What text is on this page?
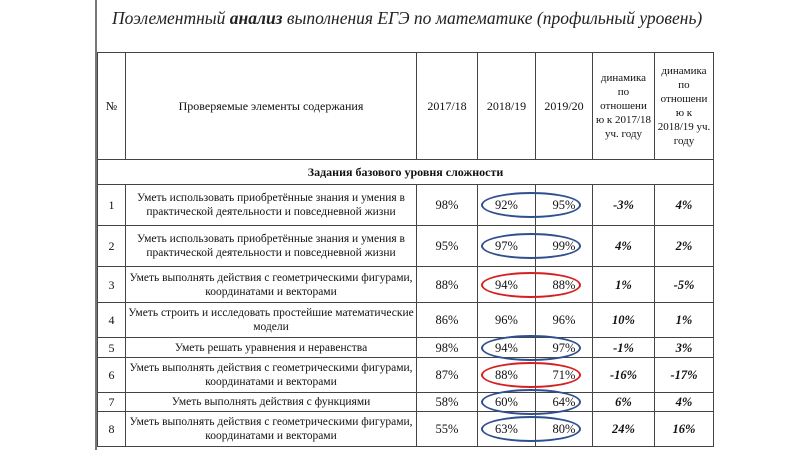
Поэлементный анализ выполнения ЕГЭ по математике (профильный уровень)
№	Проверяемые элементы содержания	2017/18	2018/19	2019/20	динамика по отношени ю к 2017/18 уч. году	динамика по отношени ю к 2018/19 уч. году
Задания базового уровня сложности						
1	Уметь использовать приобретённые знания и умения в практической деятельности и повседневной жизни	98%	92%	95%	-3%	4%
2	Уметь использовать приобретённые знания и умения в практической деятельности и повседневной жизни	95%	97%	99%	4%	2%
3	Уметь выполнять действия с геометрическими фигурами, координатами и векторами	88%	94%	88%	1%	-5%
4	Уметь строить и исследовать простейшие математические модели	86%	96%	96%	10%	1%
5	Уметь решать уравнения и неравенства	98%	94%	97%	-1%	3%
6	Уметь выполнять действия с геометрическими фигурами, координатами и векторами	87%	88%	71%	-16%	-17%
7	Уметь выполнять действия с функциями	58%	60%	64%	6%	4%
8	Уметь выполнять действия с геометрическими фигурами, координатами и векторами	55%	63%	80%	24%	16%
